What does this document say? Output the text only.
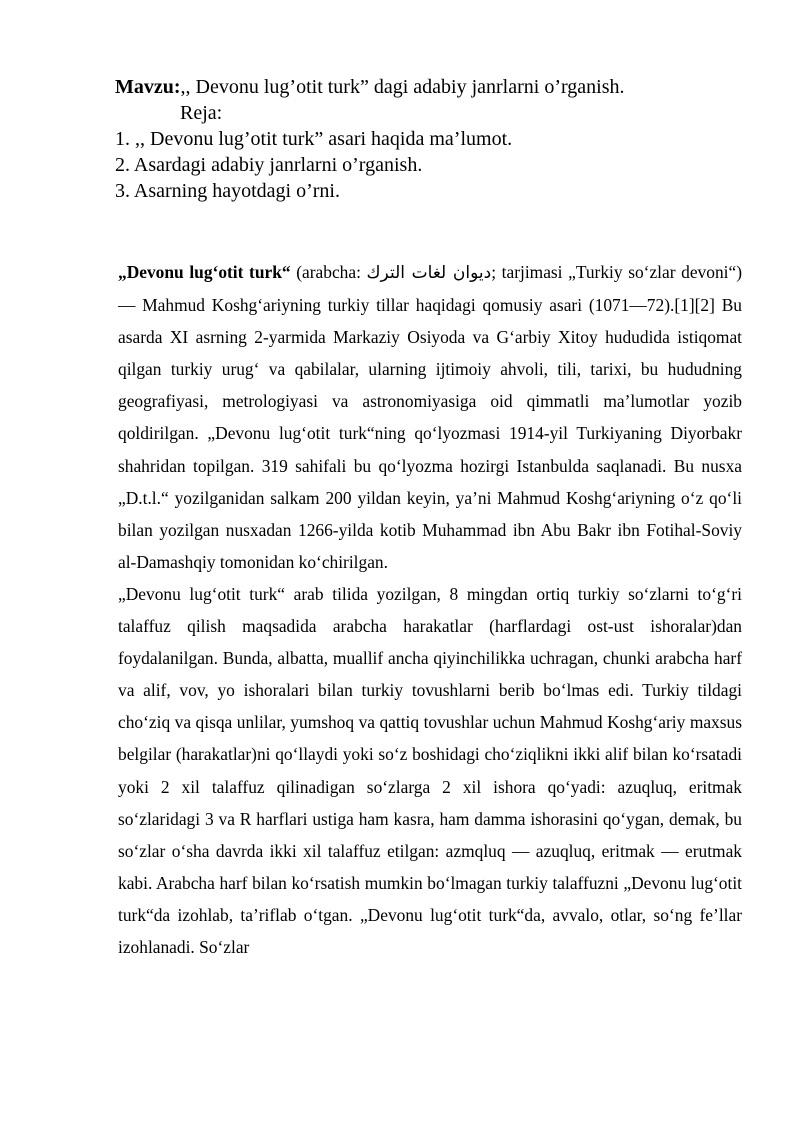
Mavzu:,, Devonu lug’otit turk” dagi adabiy janrlarni o’rganish.
Reja:
1. ,, Devonu lug’otit turk” asari haqida ma’lumot.
2. Asardagi adabiy janrlarni o’rganish.
3. Asarning hayotdagi o’rni.

„Devonu lug‘otit turk“ (arabcha: ديوان لغات الترك; tarjimasi „Turkiy so‘zlar devoni“) — Mahmud Koshg‘ariyning turkiy tillar haqidagi qomusiy asari (1071—72).[1][2] Bu asarda XI asrning 2-yarmida Markaziy Osiyoda va G‘arbiy Xitoy hududida istiqomat qilgan turkiy urug‘ va qabilalar, ularning ijtimoiy ahvoli, tili, tarixi, bu hududning geografiyasi, metrologiyasi va astronomiyasiga oid qimmatli ma’lumotlar yozib qoldirilgan. „Devonu lug‘otit turk“ning qo‘lyozmasi 1914-yil Turkiyaning Diyorbakr shahridan topilgan. 319 sahifali bu qo‘lyozma hozirgi Istanbulda saqlanadi. Bu nusxa „D.t.l.“ yozilganidan salkam 200 yildan keyin, ya’ni Mahmud Koshg‘ariyning o‘z qo‘li bilan yozilgan nusxadan 1266-yilda kotib Muhammad ibn Abu Bakr ibn Fotihal-Soviy al-Damashqiy tomonidan ko‘chirilgan.

„Devonu lug‘otit turk“ arab tilida yozilgan, 8 mingdan ortiq turkiy so‘zlarni to‘g‘ri talaffuz qilish maqsadida arabcha harakatlar (harflardagi ost-ust ishoralar)dan foydalanilgan. Bunda, albatta, muallif ancha qiyinchilikka uchragan, chunki arabcha harf va alif, vov, yo ishoralari bilan turkiy tovushlarni berib bo‘lmas edi. Turkiy tildagi cho‘ziq va qisqa unlilar, yumshoq va qattiq tovushlar uchun Mahmud Koshg‘ariy maxsus belgilar (harakatlar)ni qo‘llaydi yoki so‘z boshidagi cho‘ziqlikni ikki alif bilan ko‘rsatadi yoki 2 xil talaffuz qilinadigan so‘zlarga 2 xil ishora qo‘yadi: azuqluq, eritmak so‘zlaridagi 3 va R harflari ustiga ham kasra, ham damma ishorasini qo‘ygan, demak, bu so‘zlar o‘sha davrda ikki xil talaffuz etilgan: azmqluq — azuqluq, eritmak — erutmak kabi. Arabcha harf bilan ko‘rsatish mumkin bo‘lmagan turkiy talaffuzni „Devonu lug‘otit turk“da izohlab, ta’riflab o‘tgan. „Devonu lug‘otit turk“da, avvalo, otlar, so‘ng fe’llar izohlanadi. So‘zlar
